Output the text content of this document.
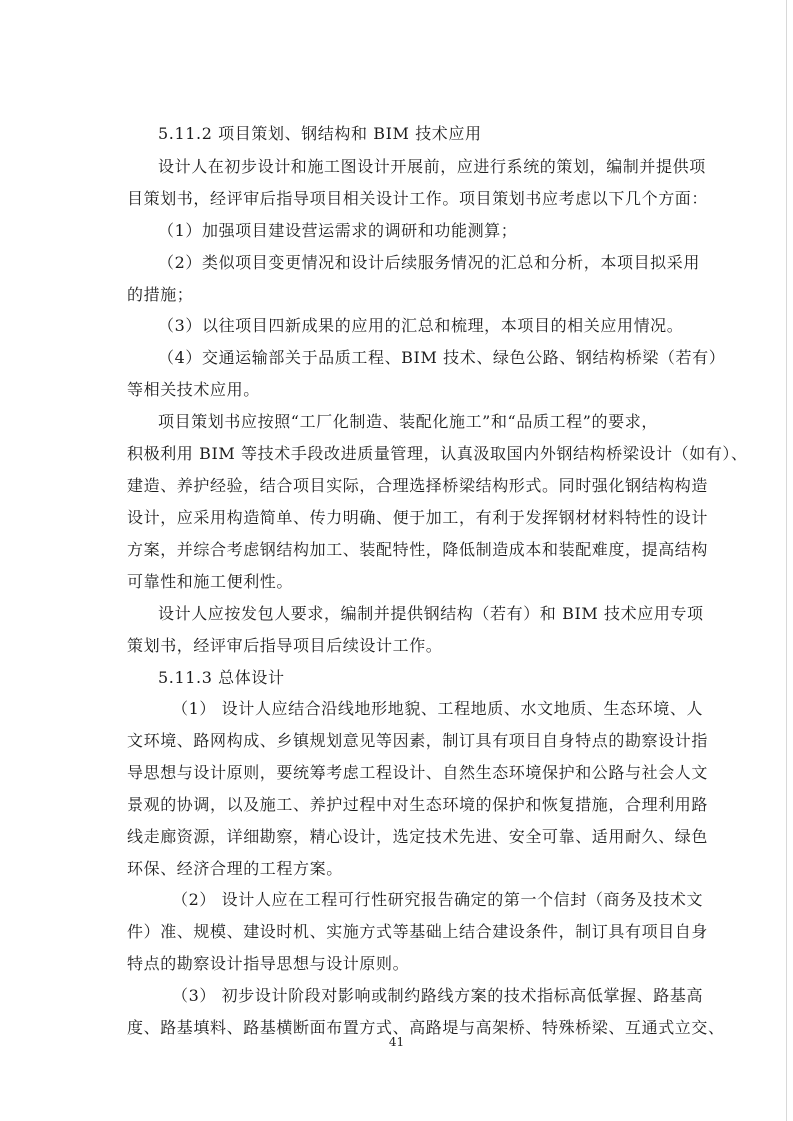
5.11.2 项目策划、钢结构和 BIM 技术应用
设计人在初步设计和施工图设计开展前，应进行系统的策划，编制并提供项
目策划书，经评审后指导项目相关设计工作。项目策划书应考虑以下几个方面：
（1）加强项目建设营运需求的调研和功能测算；
（2）类似项目变更情况和设计后续服务情况的汇总和分析，本项目拟采用
的措施；
（3）以往项目四新成果的应用的汇总和梳理，本项目的相关应用情况。
（4）交通运输部关于品质工程、BIM 技术、绿色公路、钢结构桥梁（若有）
等相关技术应用。
项目策划书应按照“工厂化制造、装配化施工”和“品质工程”的要求，
积极利用 BIM 等技术手段改进质量管理，认真汲取国内外钢结构桥梁设计（如有）、
建造、养护经验，结合项目实际，合理选择桥梁结构形式。同时强化钢结构构造
设计，应采用构造简单、传力明确、便于加工，有利于发挥钢材材料特性的设计
方案，并综合考虑钢结构加工、装配特性，降低制造成本和装配难度，提高结构
可靠性和施工便利性。
设计人应按发包人要求，编制并提供钢结构（若有）和 BIM 技术应用专项
策划书，经评审后指导项目后续设计工作。
5.11.3 总体设计
（1） 设计人应结合沿线地形地貌、工程地质、水文地质、生态环境、人
文环境、路网构成、乡镇规划意见等因素，制订具有项目自身特点的勘察设计指
导思想与设计原则，要统筹考虑工程设计、自然生态环境保护和公路与社会人文
景观的协调，以及施工、养护过程中对生态环境的保护和恢复措施，合理利用路
线走廊资源，详细勘察，精心设计，选定技术先进、安全可靠、适用耐久、绿色
环保、经济合理的工程方案。
（2） 设计人应在工程可行性研究报告确定的第一个信封（商务及技术文
件）准、规模、建设时机、实施方式等基础上结合建设条件，制订具有项目自身
特点的勘察设计指导思想与设计原则。
（3） 初步设计阶段对影响或制约路线方案的技术指标高低掌握、路基高
度、路基填料、路基横断面布置方式、高路堤与高架桥、特殊桥梁、互通式立交、
41
